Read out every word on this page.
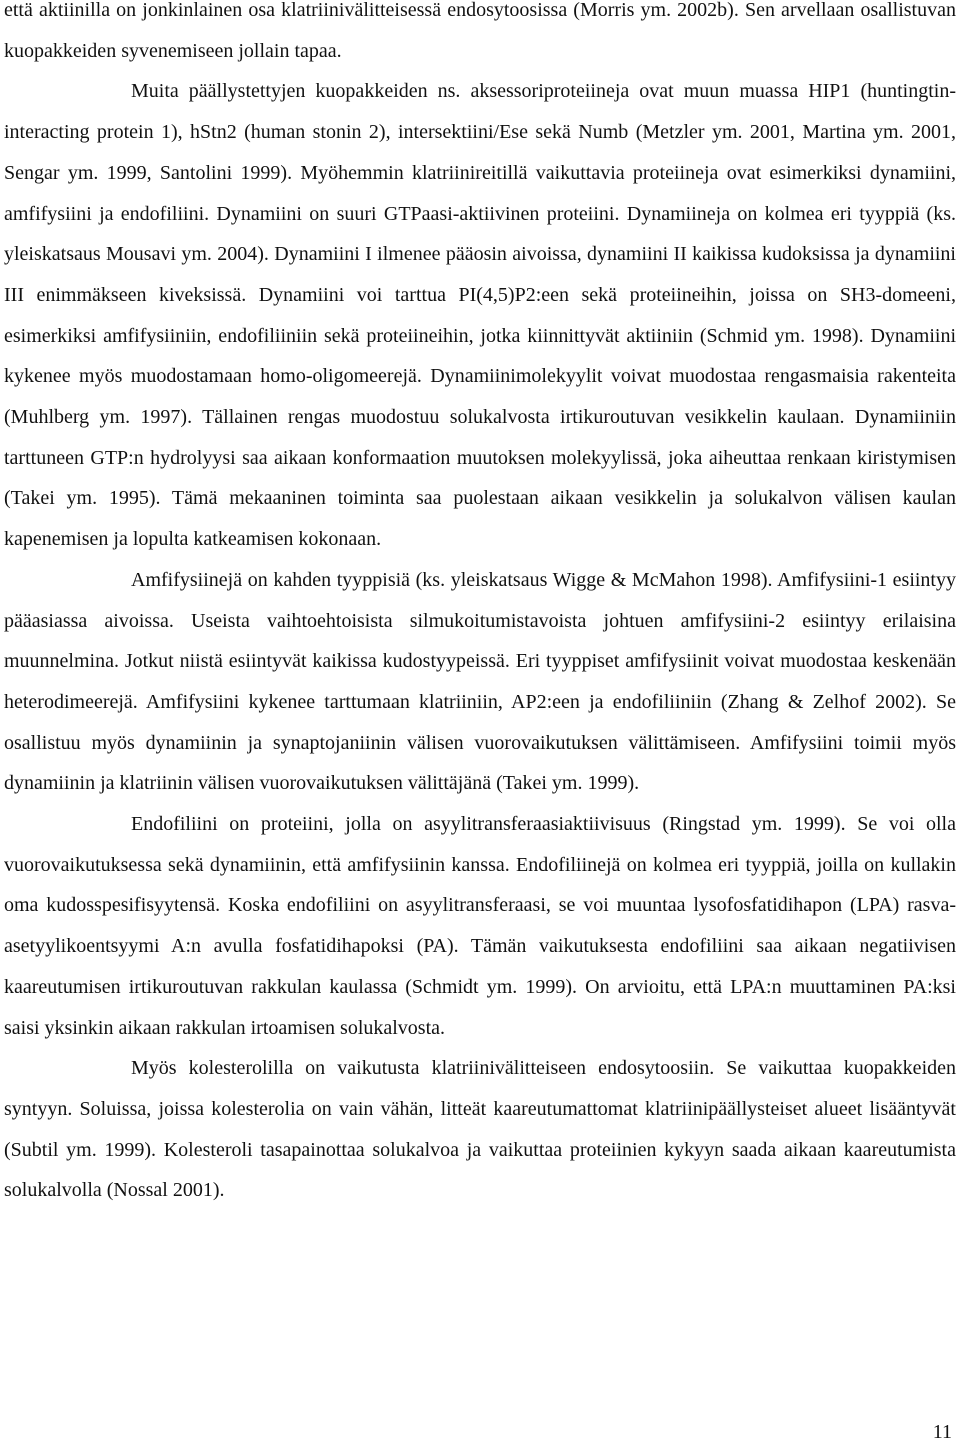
että aktiinilla on jonkinlainen osa klatriinivälitteisessä endosytoosissa (Morris ym. 2002b). Sen arvellaan osallistuvan kuopakkeiden syvenemiseen jollain tapaa.

Muita päällystettyjen kuopakkeiden ns. aksessoriproteiineja ovat muun muassa HIP1 (huntingtin-interacting protein 1), hStn2 (human stonin 2), intersektiini/Ese sekä Numb (Metzler ym. 2001, Martina ym. 2001, Sengar ym. 1999, Santolini 1999). Myöhemmin klatriinireitillä vaikuttavia proteiineja ovat esimerkiksi dynamiini, amfifysiini ja endofiliini. Dynamiini on suuri GTPaasi-aktiivinen proteiini. Dynamiineja on kolmea eri tyyppiä (ks. yleiskatsaus Mousavi ym. 2004). Dynamiini I ilmenee pääosin aivoissa, dynamiini II kaikissa kudoksissa ja dynamiini III enimmäkseen kiveksissä. Dynamiini voi tarttua PI(4,5)P2:een sekä proteiineihin, joissa on SH3-domeeni, esimerkiksi amfifysiiniin, endofiliiniin sekä proteiineihin, jotka kiinnittyvät aktiiniin (Schmid ym. 1998). Dynamiini kykenee myös muodostamaan homo-oligomeerejä. Dynamiinimolekyylit voivat muodostaa rengasmaisia rakenteita (Muhlberg ym. 1997). Tällainen rengas muodostuu solukalvosta irtikuroutuvan vesikkelin kaulaan. Dynamiiniin tarttuneen GTP:n hydrolyysi saa aikaan konformaation muutoksen molekyylissä, joka aiheuttaa renkaan kiristymisen (Takei ym. 1995). Tämä mekaaninen toiminta saa puolestaan aikaan vesikkelin ja solukalvon välisen kaulan kapenemisen ja lopulta katkeamisen kokonaan.

Amfifysiinejä on kahden tyyppisiä (ks. yleiskatsaus Wigge & McMahon 1998). Amfifysiini-1 esiintyy pääasiassa aivoissa. Useista vaihtoehtoisista silmukoitumistavoista johtuen amfifysiini-2 esiintyy erilaisina muunnelmina. Jotkut niistä esiintyvät kaikissa kudostyypeissä. Eri tyyppiset amfifysiinit voivat muodostaa keskenään heterodimeerejä. Amfifysiini kykenee tarttumaan klatriiniin, AP2:een ja endofiliiniin (Zhang & Zelhof 2002). Se osallistuu myös dynamiinin ja synaptojaniinin välisen vuorovaikutuksen välittämiseen. Amfifysiini toimii myös dynamiinin ja klatriinin välisen vuorovaikutuksen välittäjänä (Takei ym. 1999).

Endofiliini on proteiini, jolla on asyylitransferaasiaktiivisuus (Ringstad ym. 1999). Se voi olla vuorovaikutuksessa sekä dynamiinin, että amfifysiinin kanssa. Endofiliinejä on kolmea eri tyyppiä, joilla on kullakin oma kudosspesifisyytensä. Koska endofiliini on asyylitransferaasi, se voi muuntaa lysofosfatidihapon (LPA) rasva-asetyylikoentsyymi A:n avulla fosfatidihapoksi (PA). Tämän vaikutuksesta endofiliini saa aikaan negatiivisen kaareutumisen irtikuroutuvan rakkulan kaulassa (Schmidt ym. 1999). On arvioitu, että LPA:n muuttaminen PA:ksi saisi yksinkin aikaan rakkulan irtoamisen solukalvosta.

Myös kolesterolilla on vaikutusta klatriinivälitteiseen endosytoosiin. Se vaikuttaa kuopakkeiden syntyyn. Soluissa, joissa kolesterolia on vain vähän, litteät kaareutumattomat klatriinipäällysteiset alueet lisääntyvät (Subtil ym. 1999). Kolesteroli tasapainottaa solukalvoa ja vaikuttaa proteiinien kykyyn saada aikaan kaareutumista solukalvolla (Nossal 2001).

11
